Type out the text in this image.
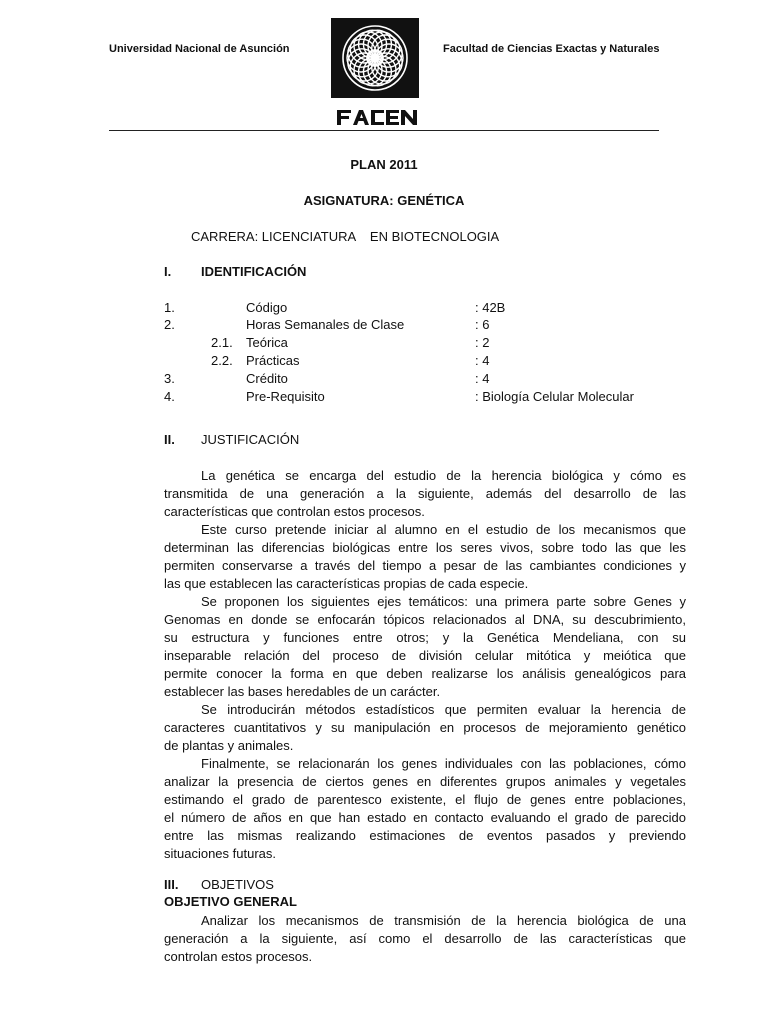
Universidad Nacional de Asunción	Facultad de Ciencias Exactas y Naturales
PLAN 2011
ASIGNATURA: GENÉTICA
CARRERA: LICENCIATURA    EN BIOTECNOLOGIA
I. IDENTIFICACIÓN
1.	Código	: 42B
2.	Horas Semanales de Clase	: 6
2.1. Teórica	: 2
2.2. Prácticas	: 4
3.	Crédito	: 4
4.	Pre-Requisito	: Biología Celular Molecular
II. JUSTIFICACIÓN
La genética se encarga del estudio de la herencia biológica y cómo es
transmitida de una generación a la siguiente, además del desarrollo de las
características que controlan estos procesos.
Este curso pretende iniciar al alumno en el estudio de los mecanismos que
determinan las diferencias biológicas entre los seres vivos, sobre todo las que les
permiten conservarse a través del tiempo a pesar de las cambiantes condiciones y
las que establecen las características propias de cada especie.
Se proponen los siguientes ejes temáticos: una primera parte sobre Genes y
Genomas en donde se enfocarán tópicos relacionados al DNA, su descubrimiento,
su estructura y funciones entre otros; y la Genética Mendeliana, con su
inseparable relación del proceso de división celular mitótica y meiótica que
permite conocer la forma en que deben realizarse los análisis genealógicos para
establecer las bases heredables de un carácter.
Se introducirán métodos estadísticos que permiten evaluar la herencia de
caracteres cuantitativos y su manipulación en procesos de mejoramiento genético
de plantas y animales.
Finalmente, se relacionarán los genes individuales con las poblaciones, cómo
analizar la presencia de ciertos genes en diferentes grupos animales y vegetales
estimando el grado de parentesco existente, el flujo de genes entre poblaciones,
el número de años en que han estado en contacto evaluando el grado de parecido
entre las mismas realizando estimaciones de eventos pasados y previendo
situaciones futuras.
III. OBJETIVOS
OBJETIVO GENERAL
Analizar los mecanismos de transmisión de la herencia biológica de una
generación a la siguiente, así como el desarrollo de las características que
controlan estos procesos.
